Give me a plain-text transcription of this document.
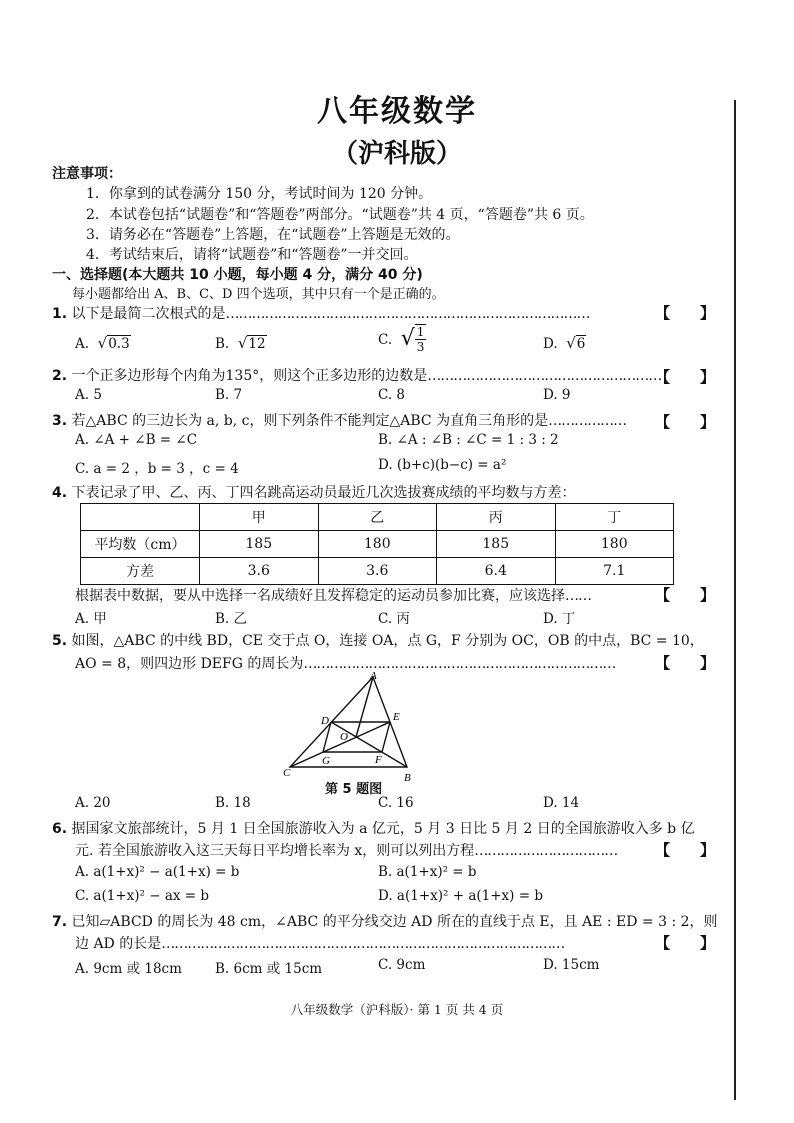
八年级数学
（沪科版）
注意事项：
1．你拿到的试卷满分 150 分，考试时间为 120 分钟。
2．本试卷包括“试题卷”和“答题卷”两部分。“试题卷”共 4 页，“答题卷”共 6 页。
3．请务必在“答题卷”上答题，在“试题卷”上答题是无效的。
4．考试结束后，请将“试题卷”和“答题卷”一并交回。
一、选择题(本大题共 10 小题，每小题 4 分，满分 40 分)
每小题都给出 A、B、C、D 四个选项，其中只有一个是正确的。
1. 以下是最简二次根式的是…………………………………………………………………………	【　　】
A. √0.3	B. √12	C. √ $\frac{1}{3}$	D. √6
2. 一个正多边形每个内角为135°，则这个正多边形的边数是………………………………………………
【　　】
A. 5	B. 7	C. 8	D. 9
3. 若△ABC 的三边长为 a, b, c，则下列条件不能判定△ABC 为直角三角形的是……………… 【　　】
A. ∠A + ∠B = ∠C	B. ∠A : ∠B : ∠C = 1 : 3 : 2
C. a = 2 ，b = 3 ，c = 4	D. (b+c)(b−c) = a²
4. 下表记录了甲、乙、丙、丁四名跳高运动员最近几次选拔赛成绩的平均数与方差：
	甲	乙	丙	丁
平均数（cm）	185	180	185	180
方差	3.6	3.6	6.4	7.1
根据表中数据，要从中选择一名成绩好且发挥稳定的运动员参加比赛，应该选择……	【　　】
A. 甲	B. 乙	C. 丙	D. 丁
5. 如图，△ABC 的中线 BD，CE 交于点 O，连接 OA，点 G，F 分别为 OC，OB 的中点，BC = 10，
AO = 8，则四边形 DEFG 的周长为………………………………………………………………	【　　】
A
B
C
D	E
F
G
O
第 5 题图
A. 20	B. 18	C. 16	D. 14
6. 据国家文旅部统计，5 月 1 日全国旅游收入为 a 亿元，5 月 3 日比 5 月 2 日的全国旅游收入多 b 亿
元. 若全国旅游收入这三天每日平均增长率为 x，则可以列出方程……………………………	【　　】
A. a(1+x)² − a(1+x) = b	B. a(1+x)² = b
C. a(1+x)² − ax = b	D. a(1+x)² + a(1+x) = b
7. 已知▱ABCD 的周长为 48 cm，∠ABC 的平分线交边 AD 所在的直线于点 E，且 AE : ED = 3 : 2，则
边 AD 的长是…………………………………………………………………………………	【　　】
A. 9cm 或 18cm B. 6cm 或 15cm	C. 9cm	D. 15cm
八年级数学（沪科版）· 第 1 页 共 4 页
